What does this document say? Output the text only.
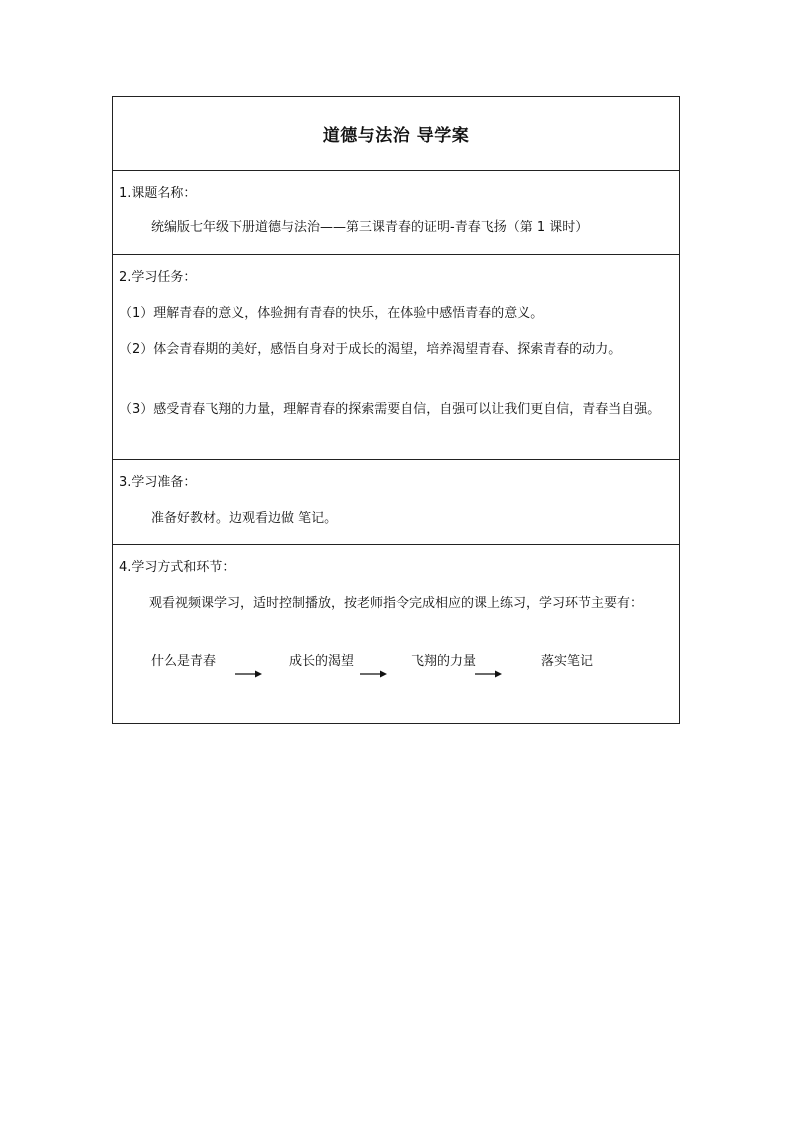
道德与法治 导学案
1.课题名称：
统编版七年级下册道德与法治——第三课青春的证明-青春飞扬（第 1 课时）
2.学习任务：
（1）理解青春的意义，体验拥有青春的快乐，在体验中感悟青春的意义。
（2）体会青春期的美好，感悟自身对于成长的渴望，培养渴望青春、探索青春的动力。
（3）感受青春飞翔的力量，理解青春的探索需要自信，自强可以让我们更自信，青春当自强。
3.学习准备：
准备好教材。边观看边做 笔记。
4.学习方式和环节：
观看视频课学习，适时控制播放，按老师指令完成相应的课上练习，学习环节主要有：
什么是青春	成长的渴望	飞翔的力量	落实笔记
